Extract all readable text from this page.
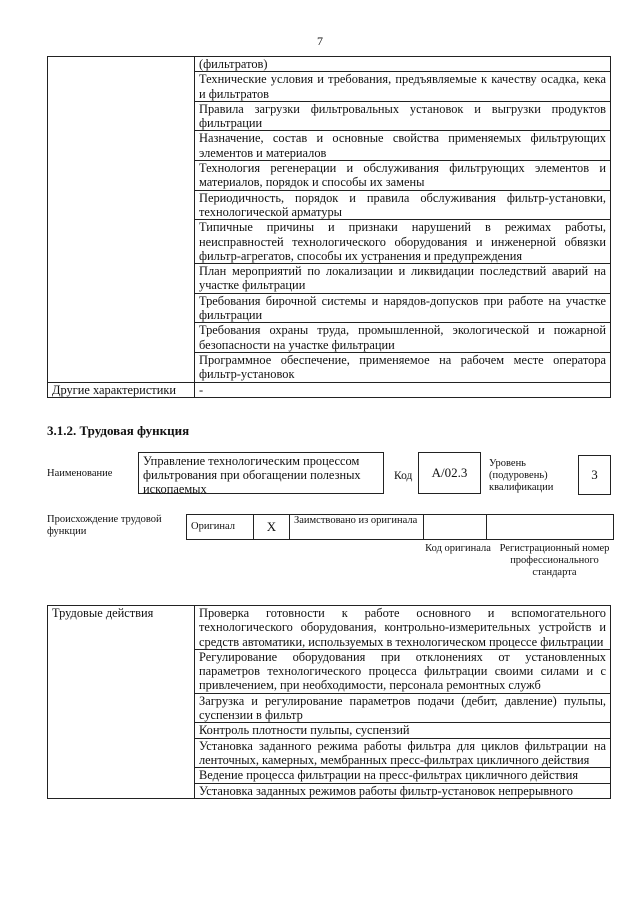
7
	(фильтратов)
	Технические условия и требования, предъявляемые к качеству осадка, кека и фильтратов
	Правила загрузки фильтровальных установок и выгрузки продуктов фильтрации
	Назначение, состав и основные свойства применяемых фильтрующих элементов и материалов
	Технология регенерации и обслуживания фильтрующих элементов и материалов, порядок и способы их замены
	Периодичность, порядок и правила обслуживания фильтр-установки, технологической арматуры
	Типичные причины и признаки нарушений в режимах работы, неисправностей технологического оборудования и инженерной обвязки фильтр-агрегатов, способы их устранения и предупреждения
	План мероприятий по локализации и ликвидации последствий аварий на участке фильтрации
	Требования бирочной системы и нарядов-допусков при работе на участке фильтрации
	Требования охраны труда, промышленной, экологической и пожарной безопасности на участке фильтрации
	Программное обеспечение, применяемое на рабочем месте оператора фильтр-установок
Другие характеристики	-
3.1.2. Трудовая функция
Наименование
Управление технологическим процессом фильтрования при обогащении полезных ископаемых
Код	A/02.3
Уровень (подуровень) квалификации
3
Происхождение трудовой функции	Оригинал	X	Заимствовано из оригинала		
Код оригинала Регистрационный номер профессионального стандарта
Трудовые действия	Проверка готовности к работе основного и вспомогательного технологического оборудования, контрольно-измерительных устройств и средств автоматики, используемых в технологическом процессе фильтрации
Регулирование оборудования при отклонениях от установленных параметров технологического процесса фильтрации своими силами и с привлечением, при необходимости, персонала ремонтных служб
Загрузка и регулирование параметров подачи (дебит, давление) пульпы, суспензии в фильтр
Контроль плотности пульпы, суспензий
Установка заданного режима работы фильтра для циклов фильтрации на ленточных, камерных, мембранных пресс-фильтрах цикличного действия
Ведение процесса фильтрации на пресс-фильтрах цикличного действия
Установка заданных режимов работы фильтр-установок непрерывного
